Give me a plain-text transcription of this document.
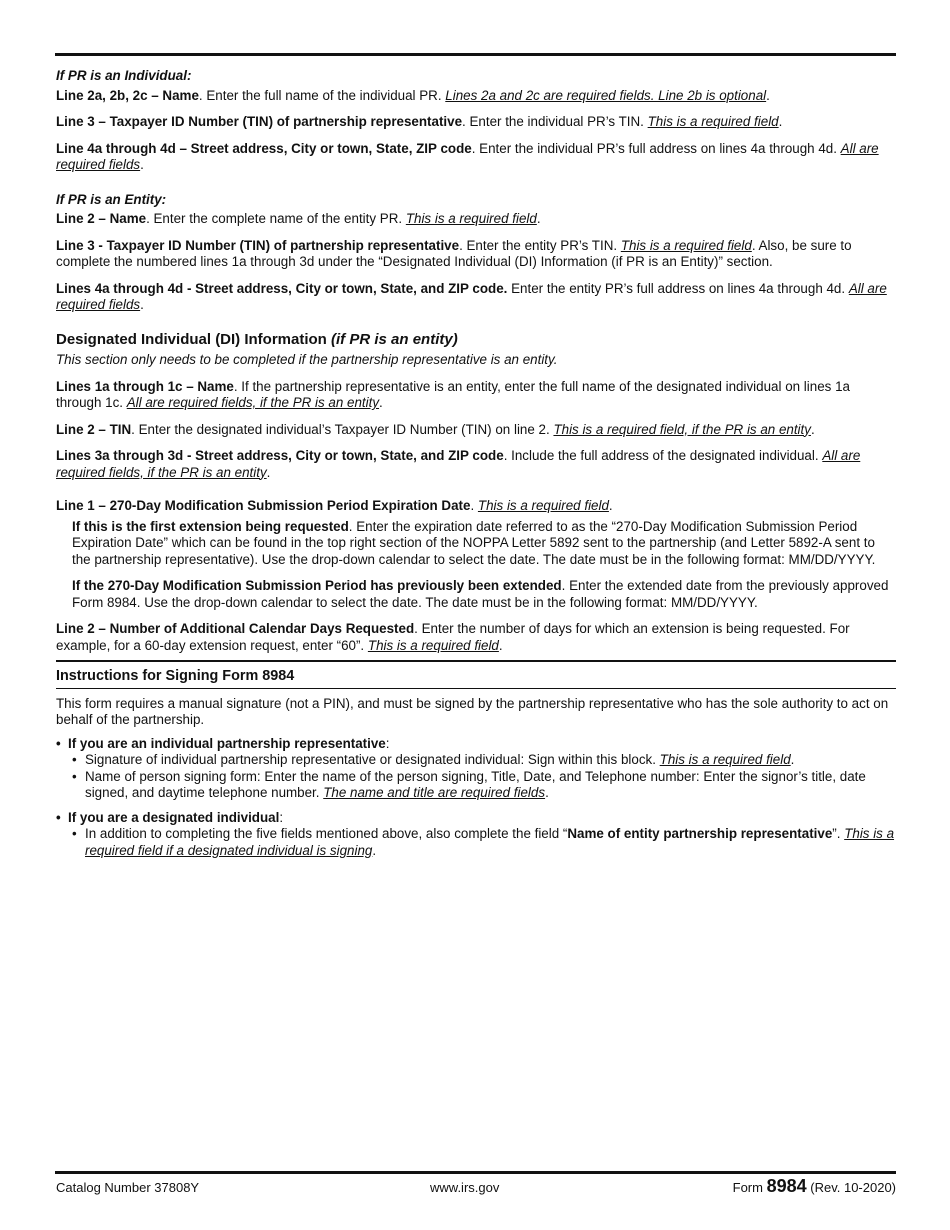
If PR is an Individual:

Line 2a, 2b, 2c – Name. Enter the full name of the individual PR. Lines 2a and 2c are required fields. Line 2b is optional.

Line 3 – Taxpayer ID Number (TIN) of partnership representative. Enter the individual PR’s TIN. This is a required field.

Line 4a through 4d – Street address, City or town, State, ZIP code. Enter the individual PR’s full address on lines 4a through 4d. All are required fields.

If PR is an Entity:

Line 2 – Name. Enter the complete name of the entity PR. This is a required field.

Line 3 - Taxpayer ID Number (TIN) of partnership representative. Enter the entity PR’s TIN. This is a required field. Also, be sure to complete the numbered lines 1a through 3d under the “Designated Individual (DI) Information (if PR is an Entity)” section.

Lines 4a through 4d - Street address, City or town, State, and ZIP code. Enter the entity PR’s full address on lines 4a through 4d. All are required fields.

Designated Individual (DI) Information (if PR is an entity)

This section only needs to be completed if the partnership representative is an entity.

Lines 1a through 1c – Name. If the partnership representative is an entity, enter the full name of the designated individual on lines 1a through 1c. All are required fields, if the PR is an entity.

Line 2 – TIN. Enter the designated individual’s Taxpayer ID Number (TIN) on line 2. This is a required field, if the PR is an entity.

Lines 3a through 3d - Street address, City or town, State, and ZIP code. Include the full address of the designated individual. All are required fields, if the PR is an entity.

Line 1 – 270-Day Modification Submission Period Expiration Date. This is a required field.

If this is the first extension being requested. Enter the expiration date referred to as the “270-Day Modification Submission Period Expiration Date” which can be found in the top right section of the NOPPA Letter 5892 sent to the partnership (and Letter 5892-A sent to the partnership representative). Use the drop-down calendar to select the date. The date must be in the following format: MM/DD/YYYY.

If the 270-Day Modification Submission Period has previously been extended. Enter the extended date from the previously approved Form 8984. Use the drop-down calendar to select the date. The date must be in the following format: MM/DD/YYYY.

Line 2 – Number of Additional Calendar Days Requested. Enter the number of days for which an extension is being requested. For example, for a 60-day extension request, enter “60”. This is a required field.

Instructions for Signing Form 8984

This form requires a manual signature (not a PIN), and must be signed by the partnership representative who has the sole authority to act on behalf of the partnership.

• If you are an individual partnership representative:
• Signature of individual partnership representative or designated individual: Sign within this block. This is a required field.
• Name of person signing form: Enter the name of the person signing, Title, Date, and Telephone number: Enter the signor’s title, date signed, and daytime telephone number. The name and title are required fields.
• If you are a designated individual:
• In addition to completing the five fields mentioned above, also complete the field “Name of entity partnership representative”. This is a required field if a designated individual is signing.
Catalog Number 37808Y	www.irs.gov	Form 8984 (Rev. 10-2020)
